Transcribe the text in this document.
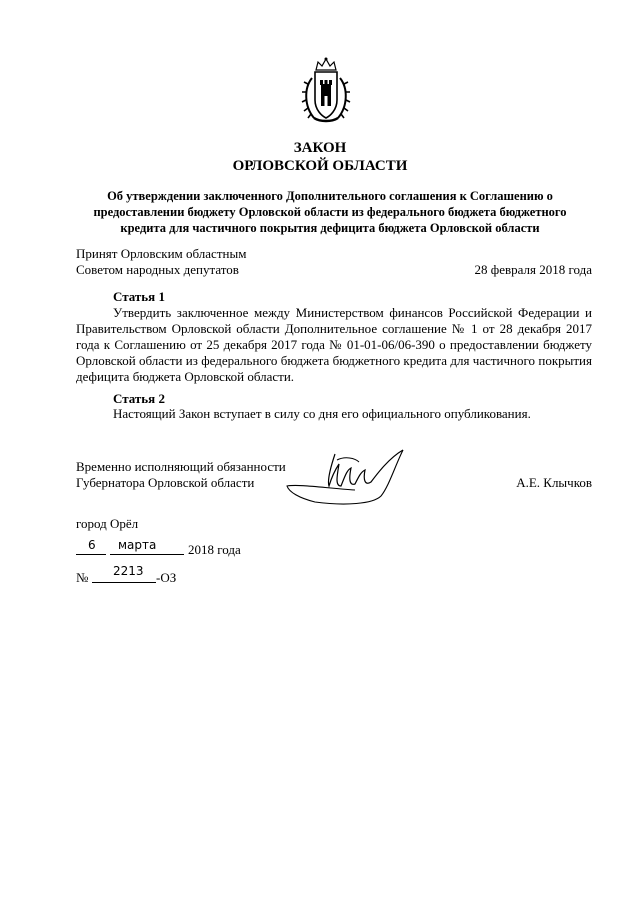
ЗАКОН
ОРЛОВСКОЙ ОБЛАСТИ
Об утверждении заключенного Дополнительного соглашения к Соглашению о предоставлении бюджету Орловской области из федерального бюджета бюджетного кредита для частичного покрытия дефицита бюджета Орловской области
Принят Орловским областным
Советом народных депутатов	28 февраля 2018 года
Статья 1
Утвердить заключенное между Министерством финансов Российской Федерации и Правительством Орловской области Дополнительное соглашение № 1 от 28 декабря 2017 года к Соглашению от 25 декабря 2017 года № 01-01-06/06-390 о предоставлении бюджету Орловской области из федерального бюджета бюджетного кредита для частичного покрытия дефицита бюджета Орловской области.
Статья 2
Настоящий Закон вступает в силу со дня его официального опубликования.
Временно исполняющий обязанности
Губернатора Орловской области	А.Е. Клычков
город Орёл
6 марта 2018 года
№ 2213 -ОЗ
